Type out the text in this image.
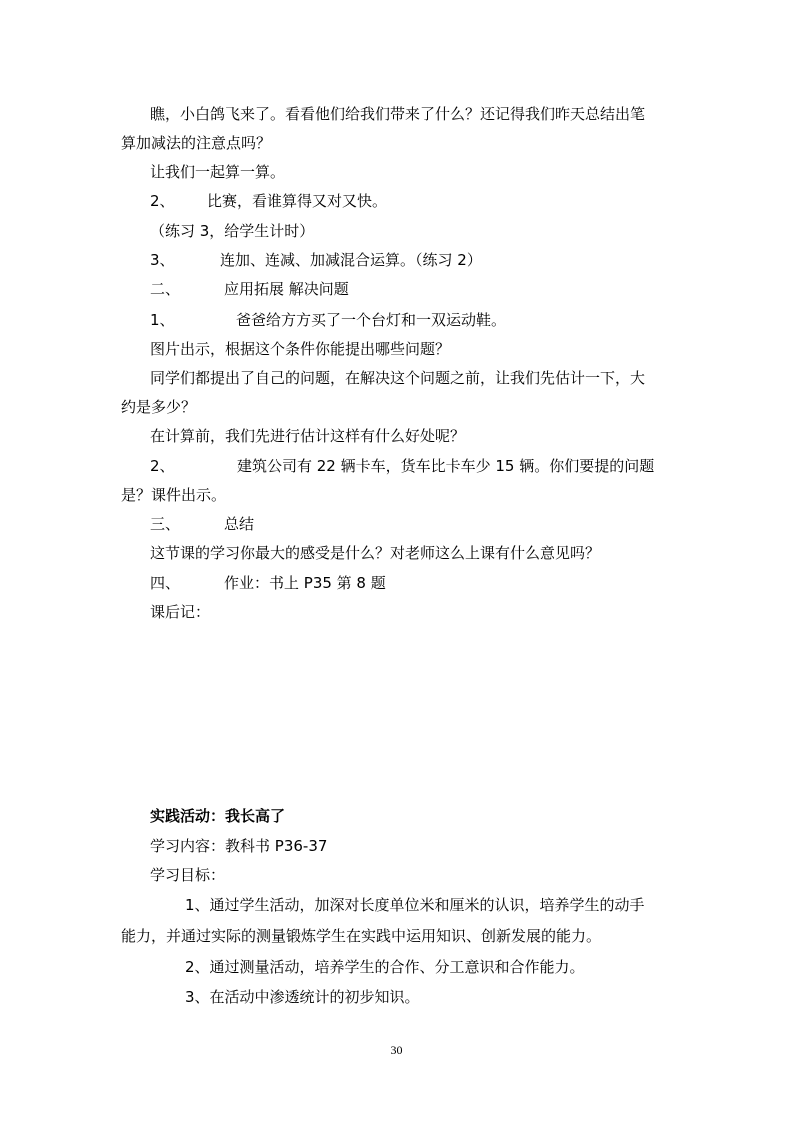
瞧，小白鸽飞来了。看看他们给我们带来了什么？还记得我们昨天总结出笔
算加减法的注意点吗？
让我们一起算一算。
2、 比赛，看谁算得又对又快。
（练习 3，给学生计时）
3、	连加、连减、加减混合运算。（练习 2）
二、	应用拓展 解决问题
1、	爸爸给方方买了一个台灯和一双运动鞋。
图片出示，根据这个条件你能提出哪些问题？
同学们都提出了自己的问题，在解决这个问题之前，让我们先估计一下，大
约是多少？
在计算前，我们先进行估计这样有什么好处呢？
2、	建筑公司有 22 辆卡车，货车比卡车少 15 辆。你们要提的问题
是？课件出示。
三、	总结
这节课的学习你最大的感受是什么？对老师这么上课有什么意见吗？
四、	作业：书上 P35 第 8 题
课后记：
实践活动：我长高了
学习内容：教科书 P36-37
学习目标：
1、通过学生活动，加深对长度单位米和厘米的认识，培养学生的动手
能力，并通过实际的测量锻炼学生在实践中运用知识、创新发展的能力。
2、通过测量活动，培养学生的合作、分工意识和合作能力。
3、在活动中渗透统计的初步知识。
30
